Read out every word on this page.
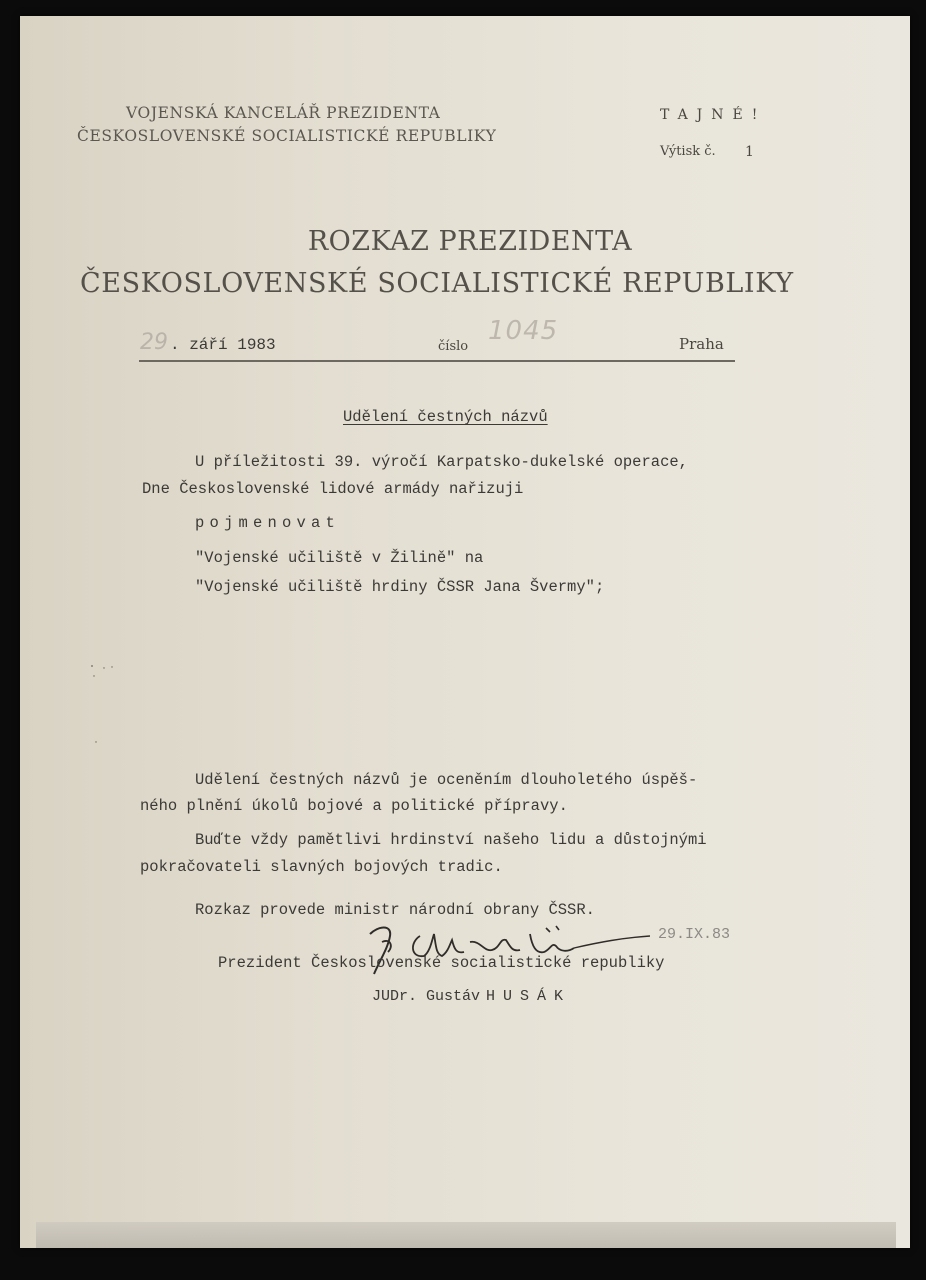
VOJENSKÁ KANCELÁŘ PREZIDENTA
ČESKOSLOVENSKÉ SOCIALISTICKÉ REPUBLIKY
TAJNÉ!
Výtisk č. 1
ROZKAZ PREZIDENTA
ČESKOSLOVENSKÉ SOCIALISTICKÉ REPUBLIKY
29 . září 1983	číslo
1045	Praha
Udělení čestných názvů
U příležitosti 39. výročí Karpatsko-dukelské operace,
Dne Československé lidové armády nařizuji
pojmenovat
"Vojenské učiliště v Žilině" na
"Vojenské učiliště hrdiny ČSSR Jana Švermy";
Udělení čestných názvů je oceněním dlouholetého úspěš-
ného plnění úkolů bojové a politické přípravy.
Buďte vždy pamětlivi hrdinství našeho lidu a důstojnými
pokračovateli slavných bojových tradic.
Rozkaz provede ministr národní obrany ČSSR.
29.IX.83
Prezident Československé socialistické republiky
JUDr. Gustáv HUSÁK
